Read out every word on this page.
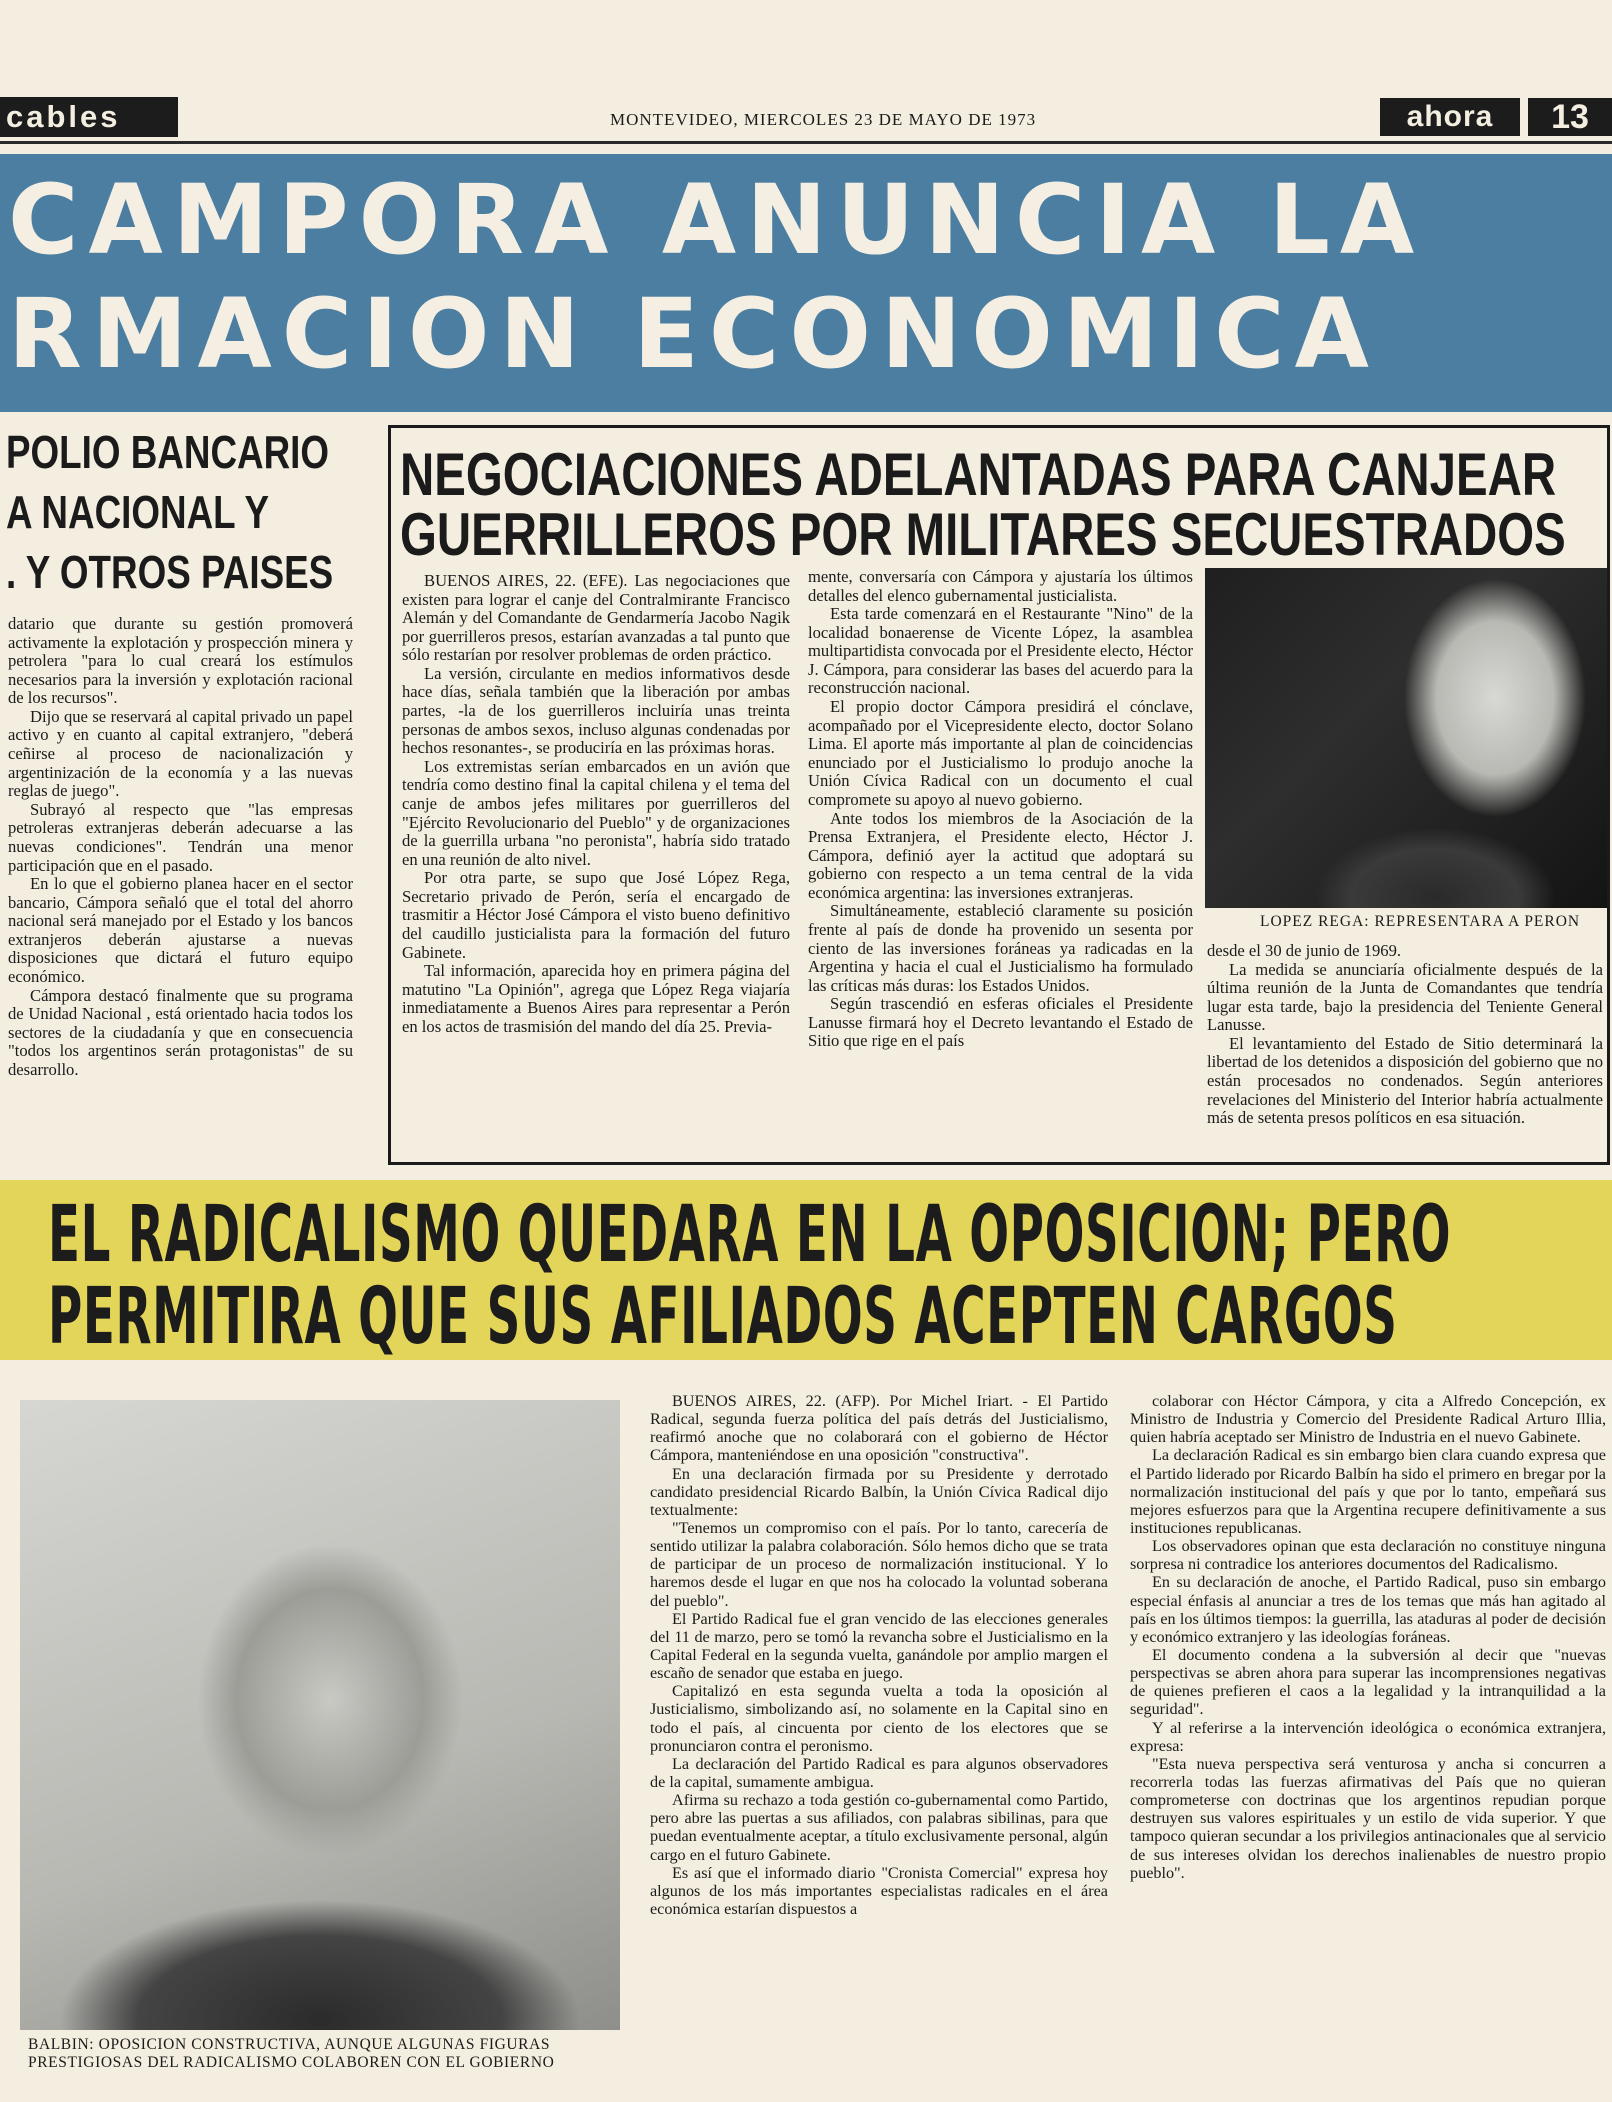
cables	MONTEVIDEO, MIERCOLES 23 DE MAYO DE 1973	ahora	13
CAMPORA ANUNCIA LA
RMACION ECONOMICA
POLIO BANCARIO
A NACIONAL Y
. Y OTROS PAISES

datario que durante su gestión promoverá activamente la explotación y prospección minera y petrolera "para lo cual creará los estímulos necesarios para la inversión y explotación racional de los recursos".

Dijo que se reservará al capital privado un papel activo y en cuanto al capital extranjero, "deberá ceñirse al proceso de nacionalización y argentinización de la economía y a las nuevas reglas de juego".

Subrayó al respecto que "las empresas petroleras extranjeras deberán adecuarse a las nuevas condiciones". Tendrán una menor participación que en el pasado.

En lo que el gobierno planea hacer en el sector bancario, Cámpora señaló que el total del ahorro nacional será manejado por el Estado y los bancos extranjeros deberán ajustarse a nuevas disposiciones que dictará el futuro equipo económico.

Cámpora destacó finalmente que su programa de Unidad Nacional , está orientado hacia todos los sectores de la ciudadanía y que en consecuencia "todos los argentinos serán protagonistas" de su desarrollo.

NEGOCIACIONES ADELANTADAS PARA CANJEAR
GUERRILLEROS POR MILITARES SECUESTRADOS

BUENOS AIRES, 22. (EFE). Las negociaciones que existen para lograr el canje del Contralmirante Francisco Alemán y del Comandante de Gendarmería Jacobo Nagik por guerrilleros presos, estarían avanzadas a tal punto que sólo restarían por resolver problemas de orden práctico.

La versión, circulante en medios informativos desde hace días, señala también que la liberación por ambas partes, -la de los guerrilleros incluiría unas treinta personas de ambos sexos, incluso algunas condenadas por hechos resonantes-, se produciría en las próximas horas.

Los extremistas serían embarcados en un avión que tendría como destino final la capital chilena y el tema del canje de ambos jefes militares por guerrilleros del "Ejército Revolucionario del Pueblo" y de organizaciones de la guerrilla urbana "no peronista", habría sido tratado en una reunión de alto nivel.

Por otra parte, se supo que José López Rega, Secretario privado de Perón, sería el encargado de trasmitir a Héctor José Cámpora el visto bueno definitivo del caudillo justicialista para la formación del futuro Gabinete.

Tal información, aparecida hoy en primera página del matutino "La Opinión", agrega que López Rega viajaría inmediatamente a Buenos Aires para representar a Perón en los actos de trasmisión del mando del día 25. Previa-

mente, conversaría con Cámpora y ajustaría los últimos detalles del elenco gubernamental justicialista.

Esta tarde comenzará en el Restaurante "Nino" de la localidad bonaerense de Vicente López, la asamblea multipartidista convocada por el Presidente electo, Héctor J. Cámpora, para considerar las bases del acuerdo para la reconstrucción nacional.

El propio doctor Cámpora presidirá el cónclave, acompañado por el Vicepresidente electo, doctor Solano Lima. El aporte más importante al plan de coincidencias enunciado por el Justicialismo lo produjo anoche la Unión Cívica Radical con un documento el cual compromete su apoyo al nuevo gobierno.

Ante todos los miembros de la Asociación de la Prensa Extranjera, el Presidente electo, Héctor J. Cámpora, definió ayer la actitud que adoptará su gobierno con respecto a un tema central de la vida económica argentina: las inversiones extranjeras.

Simultáneamente, estableció claramente su posición frente al país de donde ha provenido un sesenta por ciento de las inversiones foráneas ya radicadas en la Argentina y hacia el cual el Justicialismo ha formulado las críticas más duras: los Estados Unidos.

Según trascendió en esferas oficiales el Presidente Lanusse firmará hoy el Decreto levantando el Estado de Sitio que rige en el país

LOPEZ REGA: REPRESENTARA A PERON

desde el 30 de junio de 1969.

La medida se anunciaría oficialmente después de la última reunión de la Junta de Comandantes que tendría lugar esta tarde, bajo la presidencia del Teniente General Lanusse.

El levantamiento del Estado de Sitio determinará la libertad de los detenidos a disposición del gobierno que no están procesados no condenados. Según anteriores revelaciones del Ministerio del Interior habría actualmente más de setenta presos políticos en esa situación.

EL RADICALISMO QUEDARA EN LA OPOSICION; PERO
PERMITIRA QUE SUS AFILIADOS ACEPTEN CARGOS
BALBIN: OPOSICION CONSTRUCTIVA, AUNQUE ALGUNAS FIGURAS
PRESTIGIOSAS DEL RADICALISMO COLABOREN CON EL GOBIERNO

BUENOS AIRES, 22. (AFP). Por Michel Iriart. - El Partido Radical, segunda fuerza política del país detrás del Justicialismo, reafirmó anoche que no colaborará con el gobierno de Héctor Cámpora, manteniéndose en una oposición "constructiva".

En una declaración firmada por su Presidente y derrotado candidato presidencial Ricardo Balbín, la Unión Cívica Radical dijo textualmente:

"Tenemos un compromiso con el país. Por lo tanto, carecería de sentido utilizar la palabra colaboración. Sólo hemos dicho que se trata de participar de un proceso de normalización institucional. Y lo haremos desde el lugar en que nos ha colocado la voluntad soberana del pueblo".

El Partido Radical fue el gran vencido de las elecciones generales del 11 de marzo, pero se tomó la revancha sobre el Justicialismo en la Capital Federal en la segunda vuelta, ganándole por amplio margen el escaño de senador que estaba en juego.

Capitalizó en esta segunda vuelta a toda la oposición al Justicialismo, simbolizando así, no solamente en la Capital sino en todo el país, al cincuenta por ciento de los electores que se pronunciaron contra el peronismo.

La declaración del Partido Radical es para algunos observadores de la capital, sumamente ambigua.

Afirma su rechazo a toda gestión co-gubernamental como Partido, pero abre las puertas a sus afiliados, con palabras sibilinas, para que puedan eventualmente aceptar, a título exclusivamente personal, algún cargo en el futuro Gabinete.

Es así que el informado diario "Cronista Comercial" expresa hoy algunos de los más importantes especialistas radicales en el área económica estarían dispuestos a

colaborar con Héctor Cámpora, y cita a Alfredo Concepción, ex Ministro de Industria y Comercio del Presidente Radical Arturo Illia, quien habría aceptado ser Ministro de Industria en el nuevo Gabinete.

La declaración Radical es sin embargo bien clara cuando expresa que el Partido liderado por Ricardo Balbín ha sido el primero en bregar por la normalización institucional del país y que por lo tanto, empeñará sus mejores esfuerzos para que la Argentina recupere definitivamente a sus instituciones republicanas.

Los observadores opinan que esta declaración no constituye ninguna sorpresa ni contradice los anteriores documentos del Radicalismo.

En su declaración de anoche, el Partido Radical, puso sin embargo especial énfasis al anunciar a tres de los temas que más han agitado al país en los últimos tiempos: la guerrilla, las ataduras al poder de decisión y económico extranjero y las ideologías foráneas.

El documento condena a la subversión al decir que "nuevas perspectivas se abren ahora para superar las incomprensiones negativas de quienes prefieren el caos a la legalidad y la intranquilidad a la seguridad".

Y al referirse a la intervención ideológica o económica extranjera, expresa:

"Esta nueva perspectiva será venturosa y ancha si concurren a recorrerla todas las fuerzas afirmativas del País que no quieran comprometerse con doctrinas que los argentinos repudian porque destruyen sus valores espirituales y un estilo de vida superior. Y que tampoco quieran secundar a los privilegios antinacionales que al servicio de sus intereses olvidan los derechos inalienables de nuestro propio pueblo".
